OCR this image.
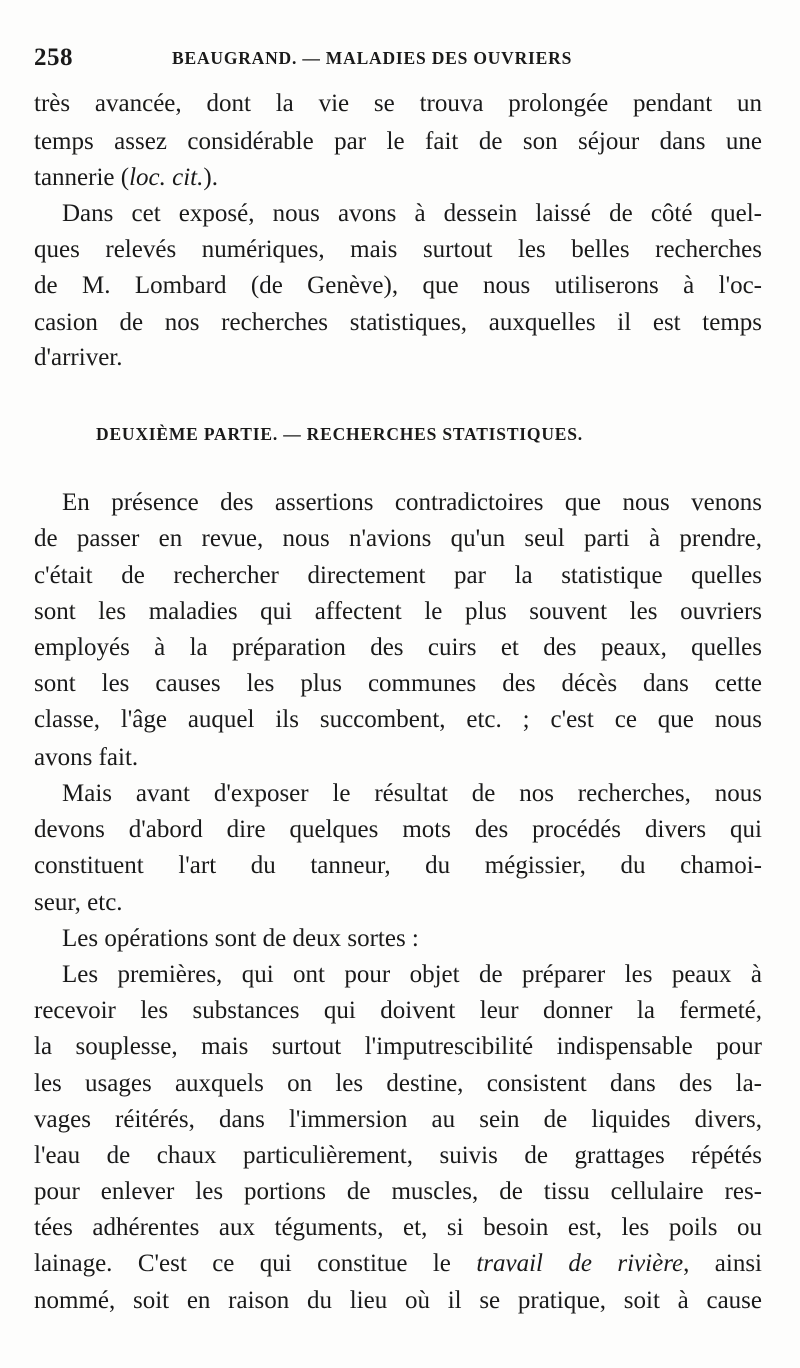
258	BEAUGRAND. — MALADIES DES OUVRIERS
très avancée, dont la vie se trouva prolongée pendant un
temps assez considérable par le fait de son séjour dans une
tannerie (loc. cit.).
Dans cet exposé, nous avons à dessein laissé de côté quel-
ques relevés numériques, mais surtout les belles recherches
de M. Lombard (de Genève), que nous utiliserons à l'oc-
casion de nos recherches statistiques, auxquelles il est temps
d'arriver.
En présence des assertions contradictoires que nous venons
de passer en revue, nous n'avions qu'un seul parti à prendre,
c'était de rechercher directement par la statistique quelles
sont les maladies qui affectent le plus souvent les ouvriers
employés à la préparation des cuirs et des peaux, quelles
sont les causes les plus communes des décès dans cette
classe, l'âge auquel ils succombent, etc. ; c'est ce que nous
avons fait.
Mais avant d'exposer le résultat de nos recherches, nous
devons d'abord dire quelques mots des procédés divers qui
constituent l'art du tanneur, du mégissier, du chamoi-
seur, etc.
Les opérations sont de deux sortes :
Les premières, qui ont pour objet de préparer les peaux à
recevoir les substances qui doivent leur donner la fermeté,
la souplesse, mais surtout l'imputrescibilité indispensable pour
les usages auxquels on les destine, consistent dans des la-
vages réitérés, dans l'immersion au sein de liquides divers,
l'eau de chaux particulièrement, suivis de grattages répétés
pour enlever les portions de muscles, de tissu cellulaire res-
tées adhérentes aux téguments, et, si besoin est, les poils ou
lainage. C'est ce qui constitue le travail de rivière, ainsi
nommé, soit en raison du lieu où il se pratique, soit à cause
DEUXIÈME PARTIE. — RECHERCHES STATISTIQUES.
